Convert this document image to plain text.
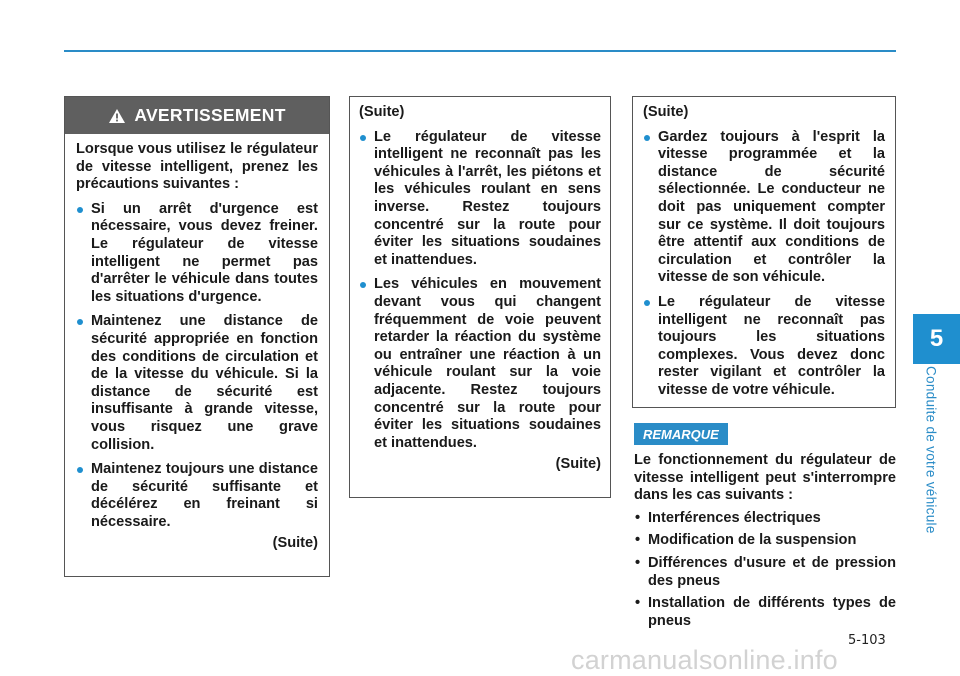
5
Conduite de votre véhicule
AVERTISSEMENT

Lorsque vous utilisez le régulateur de vitesse intelligent, prenez les précautions suivantes :

Si un arrêt d'urgence est nécessaire, vous devez freiner. Le régulateur de vitesse intelligent ne permet pas d'arrêter le véhicule dans toutes les situations d'urgence.
Maintenez une distance de sécurité appropriée en fonction des conditions de circulation et de la vitesse du véhicule. Si la distance de sécurité est insuffisante à grande vitesse, vous risquez une grave collision.
Maintenez toujours une distance de sécurité suffisante et décélérez en freinant si nécessaire.

(Suite)

(Suite)

Le régulateur de vitesse intelligent ne reconnaît pas les véhicules à l'arrêt, les piétons et les véhicules roulant en sens inverse. Restez toujours concentré sur la route pour éviter les situations soudaines et inattendues.
Les véhicules en mouvement devant vous qui changent fréquemment de voie peuvent retarder la réaction du système ou entraîner une réaction à un véhicule roulant sur la voie adjacente. Restez toujours concentré sur la route pour éviter les situations soudaines et inattendues.

(Suite)

(Suite)

Gardez toujours à l'esprit la vitesse programmée et la distance de sécurité sélectionnée. Le conducteur ne doit pas uniquement compter sur ce système. Il doit toujours être attentif aux conditions de circulation et contrôler la vitesse de son véhicule.
Le régulateur de vitesse intelligent ne reconnaît pas toujours les situations complexes. Vous devez donc rester vigilant et contrôler la vitesse de votre véhicule.
REMARQUE

Le fonctionnement du régulateur de vitesse intelligent peut s'interrompre dans les cas suivants :

• Interférences électriques
• Modification de la suspension
• Différences d'usure et de pression des pneus
• Installation de différents types de pneus
5-103
carmanualsonline.info
